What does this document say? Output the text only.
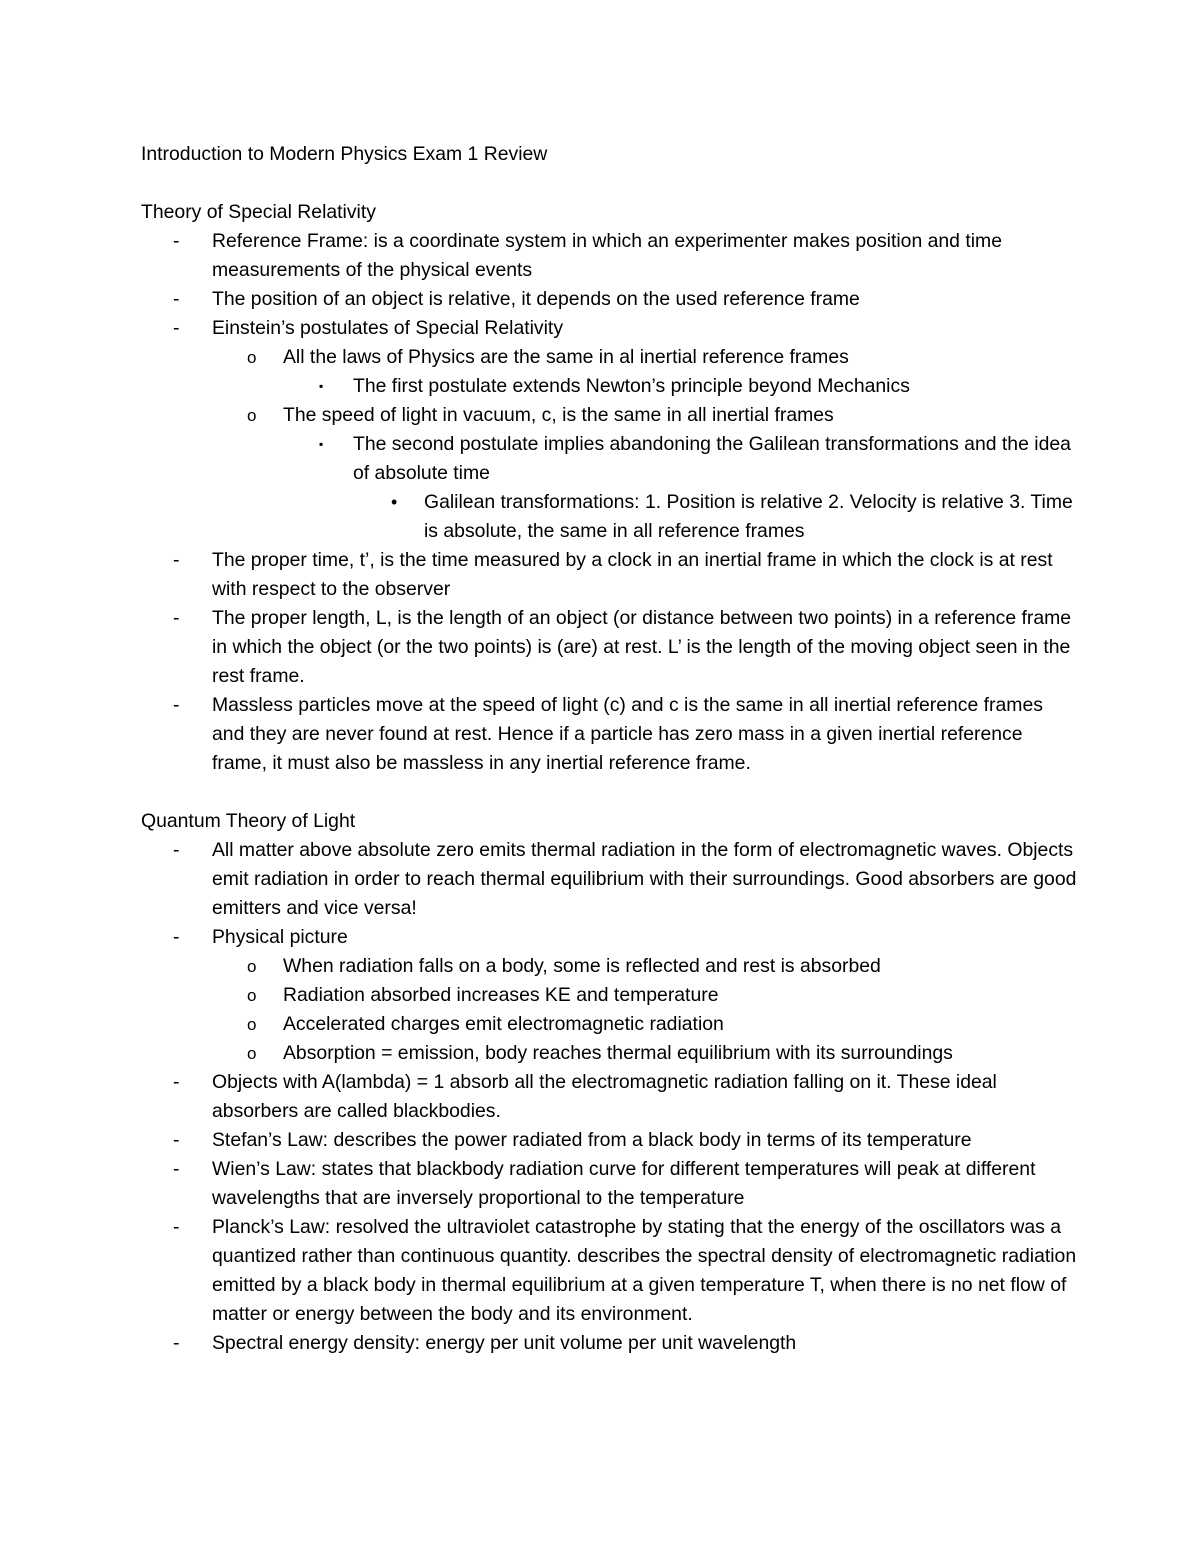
Introduction to Modern Physics Exam 1 Review
Theory of Special Relativity
- Reference Frame: is a coordinate system in which an experimenter makes position and time measurements of the physical events
- The position of an object is relative, it depends on the used reference frame
- Einstein’s postulates of Special Relativity
o All the laws of Physics are the same in al inertial reference frames
▪ The first postulate extends Newton’s principle beyond Mechanics
o The speed of light in vacuum, c, is the same in all inertial frames
▪ The second postulate implies abandoning the Galilean transformations and the idea of absolute time
• Galilean transformations: 1. Position is relative 2. Velocity is relative 3. Time is absolute, the same in all reference frames
- The proper time, t’, is the time measured by a clock in an inertial frame in which the clock is at rest with respect to the observer
- The proper length, L, is the length of an object (or distance between two points) in a reference frame in which the object (or the two points) is (are) at rest. L’ is the length of the moving object seen in the rest frame.
- Massless particles move at the speed of light (c) and c is the same in all inertial reference frames and they are never found at rest. Hence if a particle has zero mass in a given inertial reference frame, it must also be massless in any inertial reference frame.
Quantum Theory of Light
- All matter above absolute zero emits thermal radiation in the form of electromagnetic waves. Objects emit radiation in order to reach thermal equilibrium with their surroundings. Good absorbers are good emitters and vice versa!
- Physical picture
o When radiation falls on a body, some is reflected and rest is absorbed
o Radiation absorbed increases KE and temperature
o Accelerated charges emit electromagnetic radiation
o Absorption = emission, body reaches thermal equilibrium with its surroundings
- Objects with A(lambda) = 1 absorb all the electromagnetic radiation falling on it. These ideal absorbers are called blackbodies.
- Stefan’s Law: describes the power radiated from a black body in terms of its temperature
- Wien’s Law: states that blackbody radiation curve for different temperatures will peak at different wavelengths that are inversely proportional to the temperature
- Planck’s Law: resolved the ultraviolet catastrophe by stating that the energy of the oscillators was a quantized rather than continuous quantity. describes the spectral density of electromagnetic radiation emitted by a black body in thermal equilibrium at a given temperature T, when there is no net flow of matter or energy between the body and its environment.
- Spectral energy density: energy per unit volume per unit wavelength
